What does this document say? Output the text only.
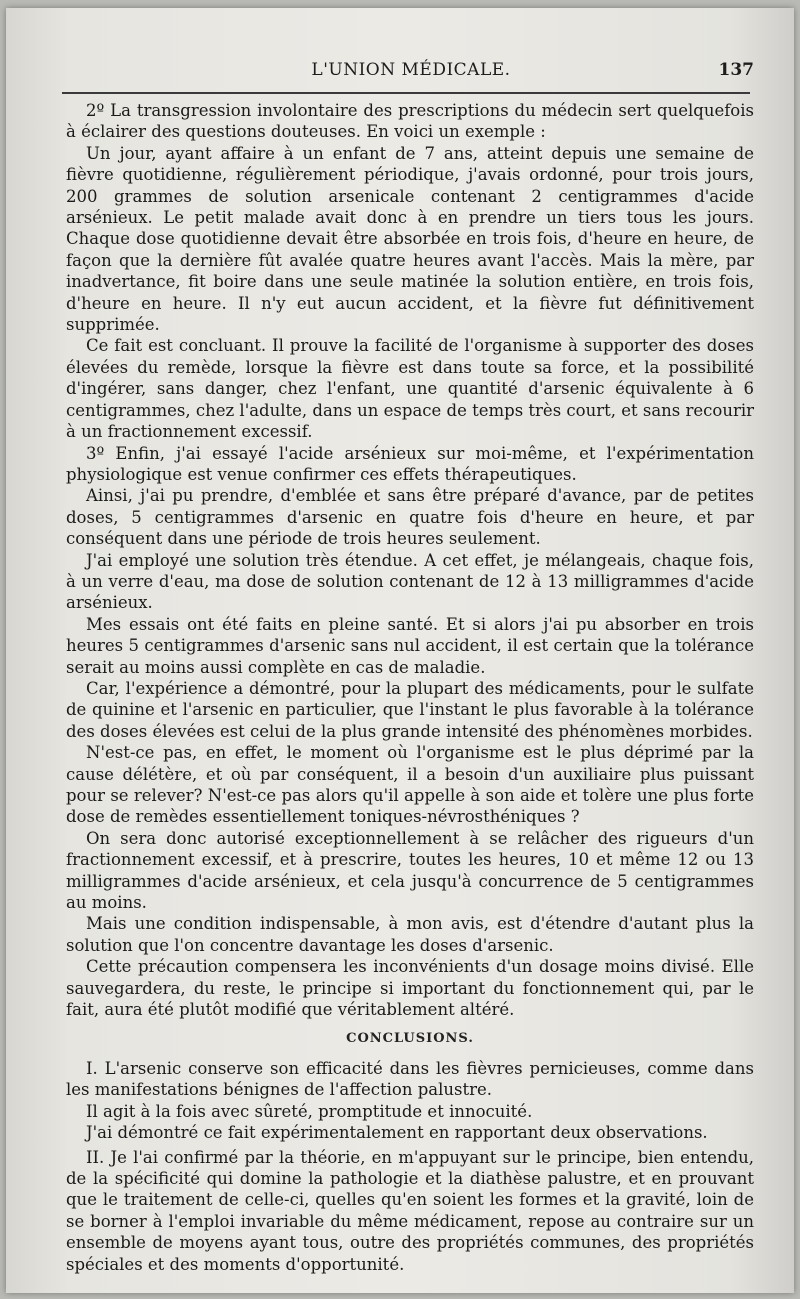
L'UNION MÉDICALE.	137

2º La transgression involontaire des prescriptions du médecin sert quelquefois à éclairer des questions douteuses. En voici un exemple :

Un jour, ayant affaire à un enfant de 7 ans, atteint depuis une semaine de fièvre quotidienne, régulièrement périodique, j'avais ordonné, pour trois jours, 200 grammes de solution arsenicale contenant 2 centigrammes d'acide arsénieux. Le petit malade avait donc à en prendre un tiers tous les jours. Chaque dose quotidienne devait être absorbée en trois fois, d'heure en heure, de façon que la dernière fût avalée quatre heures avant l'accès. Mais la mère, par inadvertance, fit boire dans une seule matinée la solution entière, en trois fois, d'heure en heure. Il n'y eut aucun accident, et la fièvre fut définitivement supprimée.

Ce fait est concluant. Il prouve la facilité de l'organisme à supporter des doses élevées du remède, lorsque la fièvre est dans toute sa force, et la possibilité d'ingérer, sans danger, chez l'enfant, une quantité d'arsenic équivalente à 6 centigrammes, chez l'adulte, dans un espace de temps très court, et sans recourir à un fractionnement excessif.

3º Enfin, j'ai essayé l'acide arsénieux sur moi-même, et l'expérimentation physiologique est venue confirmer ces effets thérapeutiques.

Ainsi, j'ai pu prendre, d'emblée et sans être préparé d'avance, par de petites doses, 5 centigrammes d'arsenic en quatre fois d'heure en heure, et par conséquent dans une période de trois heures seulement.

J'ai employé une solution très étendue. A cet effet, je mélangeais, chaque fois, à un verre d'eau, ma dose de solution contenant de 12 à 13 milligrammes d'acide arsénieux.

Mes essais ont été faits en pleine santé. Et si alors j'ai pu absorber en trois heures 5 centigrammes d'arsenic sans nul accident, il est certain que la tolérance serait au moins aussi complète en cas de maladie.

Car, l'expérience a démontré, pour la plupart des médicaments, pour le sulfate de quinine et l'arsenic en particulier, que l'instant le plus favorable à la tolérance des doses élevées est celui de la plus grande intensité des phénomènes morbides.

N'est-ce pas, en effet, le moment où l'organisme est le plus déprimé par la cause délétère, et où par conséquent, il a besoin d'un auxiliaire plus puissant pour se relever? N'est-ce pas alors qu'il appelle à son aide et tolère une plus forte dose de remèdes essentiellement toniques-névrosthéniques ?

On sera donc autorisé exceptionnellement à se relâcher des rigueurs d'un fractionnement excessif, et à prescrire, toutes les heures, 10 et même 12 ou 13 milligrammes d'acide arsénieux, et cela jusqu'à concurrence de 5 centigrammes au moins.

Mais une condition indispensable, à mon avis, est d'étendre d'autant plus la solution que l'on concentre davantage les doses d'arsenic.

Cette précaution compensera les inconvénients d'un dosage moins divisé. Elle sauvegardera, du reste, le principe si important du fonctionnement qui, par le fait, aura été plutôt modifié que véritablement altéré.

CONCLUSIONS.

I. L'arsenic conserve son efficacité dans les fièvres pernicieuses, comme dans les manifestations bénignes de l'affection palustre.

Il agit à la fois avec sûreté, promptitude et innocuité.

J'ai démontré ce fait expérimentalement en rapportant deux observations.

II. Je l'ai confirmé par la théorie, en m'appuyant sur le principe, bien entendu, de la spécificité qui domine la pathologie et la diathèse palustre, et en prouvant que le traitement de celle-ci, quelles qu'en soient les formes et la gravité, loin de se borner à l'emploi invariable du même médicament, repose au contraire sur un ensemble de moyens ayant tous, outre des propriétés communes, des propriétés spéciales et des moments d'opportunité.
